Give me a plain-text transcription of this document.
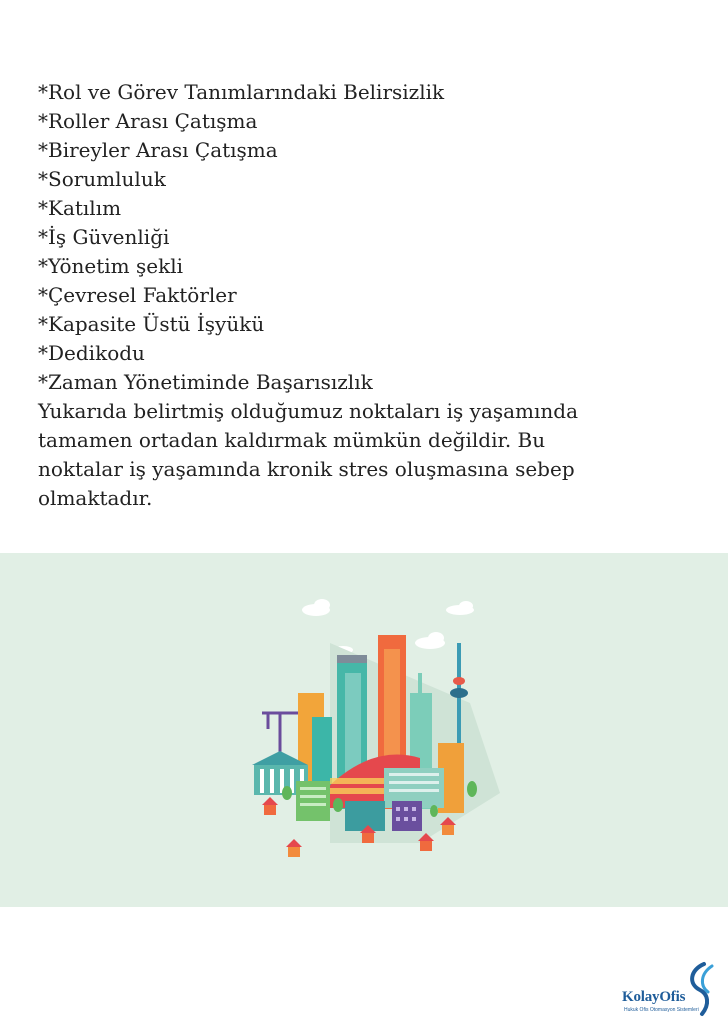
*Rol ve Görev Tanımlarındaki Belirsizlik
*Roller Arası Çatışma
*Bireyler Arası Çatışma
*Sorumluluk
*Katılım
*İş Güvenliği
*Yönetim şekli
*Çevresel Faktörler
*Kapasite Üstü İşyükü
*Dedikodu
*Zaman Yönetiminde Başarısızlık
Yukarıda belirtmiş olduğumuz noktaları iş yaşamında
tamamen ortadan kaldırmak mümkün değildir. Bu
noktalar iş yaşamında kronik stres oluşmasına sebep
olmaktadır.
KolayOfis
Hukuk Ofis Otomasyon Sistemleri
